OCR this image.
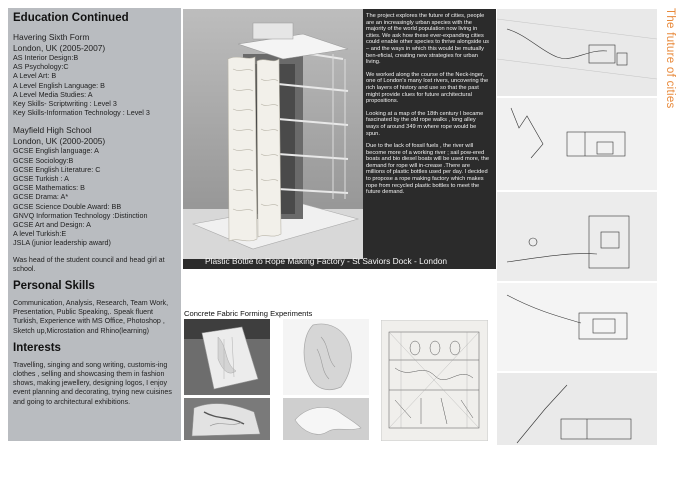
Education Continued
Havering Sixth Form
London, UK (2005-2007)
AS Interior Design:B
AS Psychology:C
A Level Art: B
A Level English Language: B
A Level Media Studies: A
Key Skills- Scriptwriting : Level 3
Key Skills-Information Technology : Level 3
Mayfield High School
London, UK (2000-2005)
GCSE English language: A
GCSE Sociology:B
GCSE English Literature: C
GCSE Turkish : A
GCSE Mathematics: B
GCSE Drama: A*
GCSE Science Double Award: BB
GNVQ Information Technology :Distinction
GCSE Art and Design: A
A level Turkish:E
JSLA (junior leadership award)
Was head of the student council and head girl at school.
Personal Skills
Communication, Analysis, Research, Team Work, Presentation, Public Speaking,. Speak fluent Turkish, Experience with MS Office, Photoshop , Sketch up,Microstation and Rhino(learning)
Interests
Travelling, singing and song writing, customis-ing clothes , selling and showcasing them in fashion shows, making jewellery, designing logos, I enjoy event planning and decorating, trying new cuisines and going to architectural exhibitions.

The project explores the future of cities, people are an increasingly urban species with the majority of the world population now living in cities. We ask how these ever-expanding cities could enable other species to thrive alongside us – and the ways in which this would be mutually ben-eficial, creating new strategies for urban living.

We worked along the course of the Neck-inger, one of London's many lost rivers, uncovering the rich layers of history and use so that the past might provide clues for future architectural propositions.

Looking at a map of the 18th century I became fascinated by the old rope walks , long alley ways of around 349 m where rope would be spun.

Due to the lack of fossil fuels , the river will become more of a working river ; sail pow-ered boats and bio diesel boats will be used more, the demand for rope will in-crease .There are millions of plastic bottles used per day. I decided to propose a rope making factory which makes rope from recycled plastic bottles to meet the future demand.

Plastic Bottle to Rope Making Factory - St Saviors Dock - London
Concrete Fabric Forming Experiments
The future of cities
